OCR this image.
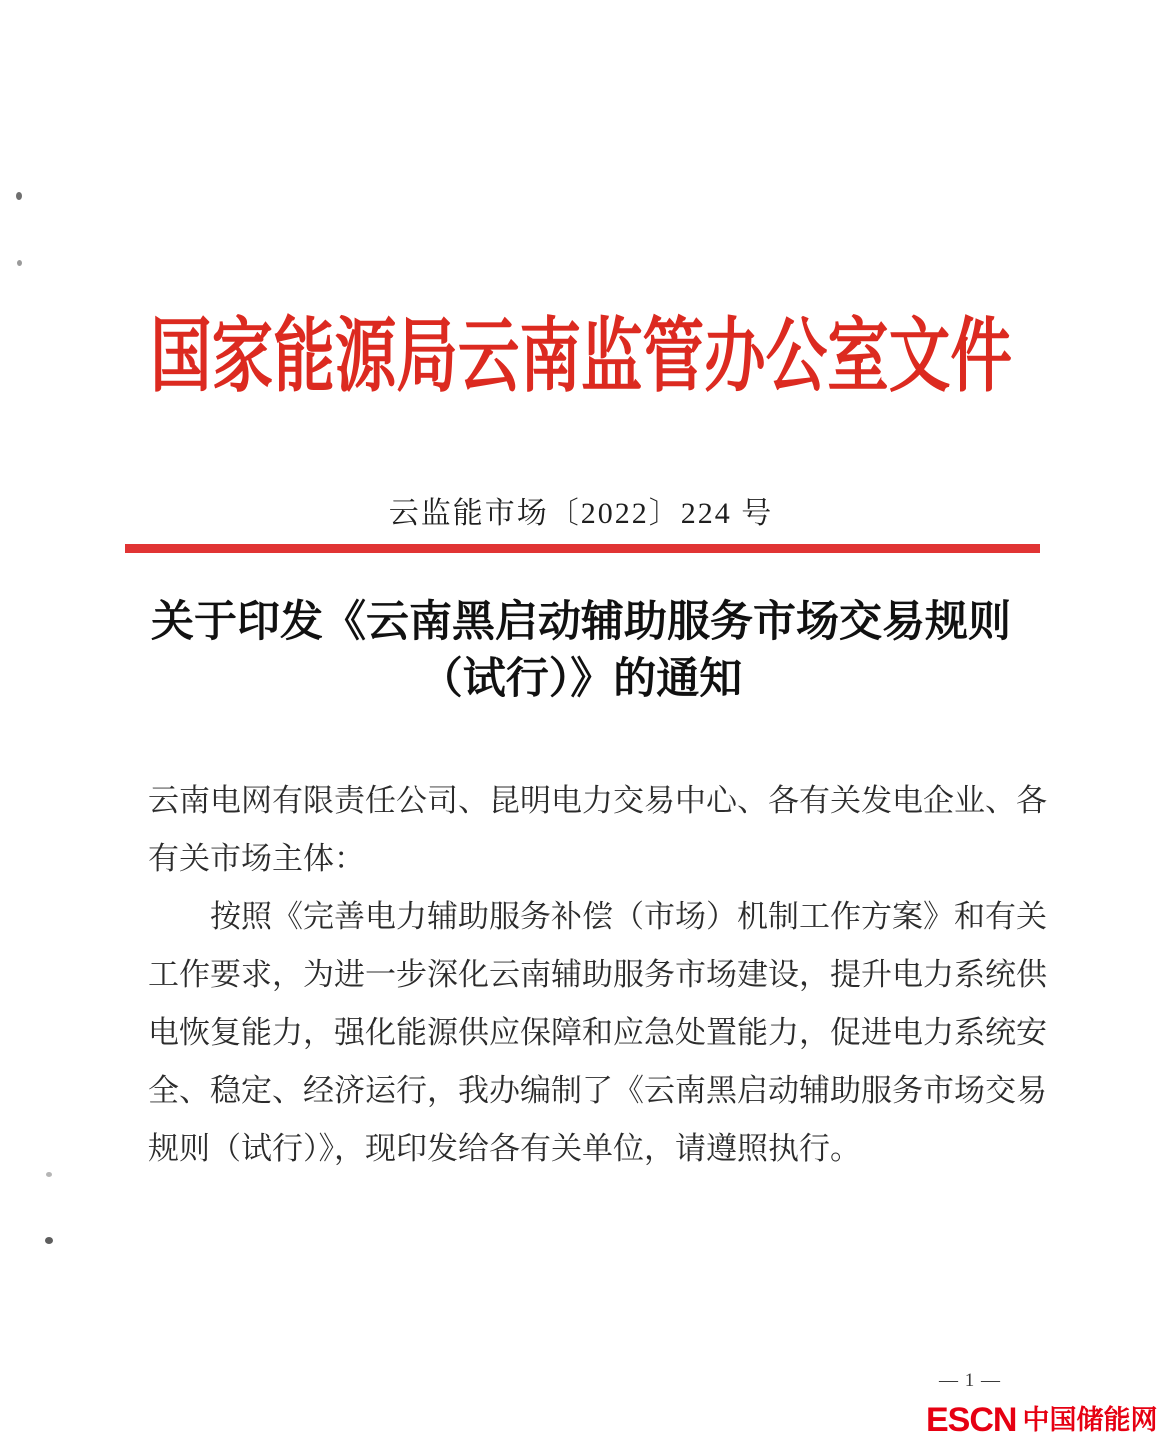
国家能源局云南监管办公室文件
云监能市场〔2022〕224 号
关于印发《云南黑启动辅助服务市场交易规则
（试行）》的通知
云南电网有限责任公司、昆明电力交易中心、各有关发电企业、各
有关市场主体：
按照《完善电力辅助服务补偿（市场）机制工作方案》和有关
工作要求，为进一步深化云南辅助服务市场建设，提升电力系统供
电恢复能力，强化能源供应保障和应急处置能力，促进电力系统安
全、稳定、经济运行，我办编制了《云南黑启动辅助服务市场交易
规则（试行）》，现印发给各有关单位，请遵照执行。
— 1 —
ESCN 中国储能网
